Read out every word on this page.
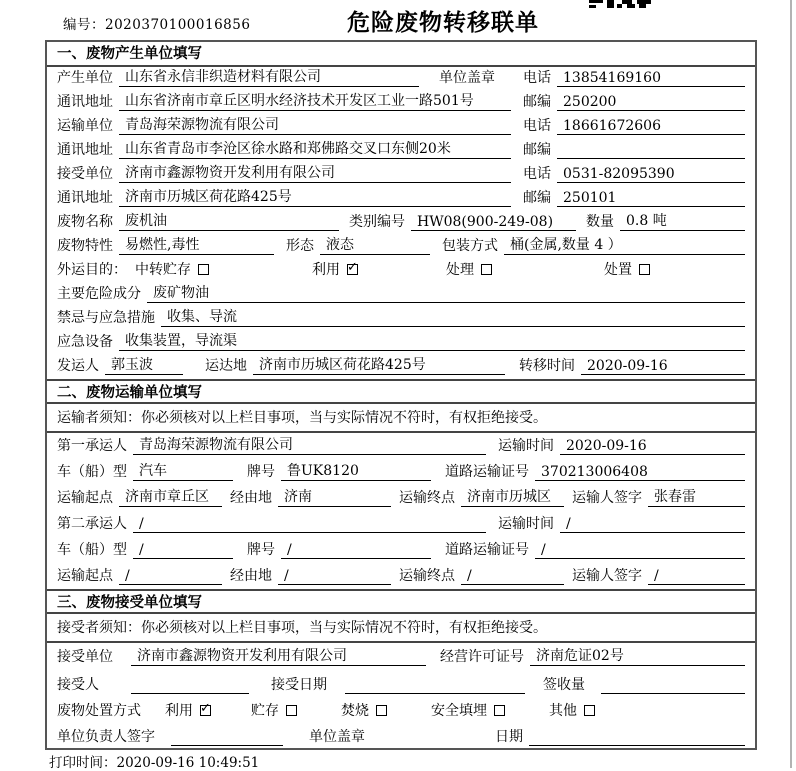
编号：2020370100016856	危险废物转移联单
一、废物产生单位填写
产生单位 山东省永信非织造材料有限公司	单位盖章 电话 13854169160
通讯地址 山东省济南市章丘区明水经济技术开发区工业一路501号	邮编 250200
运输单位 青岛海荣源物流有限公司	电话 18661672606
通讯地址 山东省青岛市李沧区徐水路和郑佛路交叉口东侧20米	邮编
接受单位 济南市鑫源物资开发利用有限公司	电话 0531-82095390
通讯地址 济南市历城区荷花路425号	邮编 250101
废物名称 废机油	类别编号 HW08(900-249-08)	数量 0.8 吨
废物特性 易燃性,毒性	形态 液态	包装方式 桶(金属,数量 4 ）
外运目的： 中转贮存	利用 ✓	处理	处置
主要危险成分 废矿物油
禁忌与应急措施 收集、导流
应急设备 收集装置，导流渠
发运人 郭玉波	运达地 济南市历城区荷花路425号	转移时间 2020-09-16
二、废物运输单位填写
运输者须知：你必须核对以上栏目事项，当与实际情况不符时，有权拒绝接受。
第一承运人 青岛海荣源物流有限公司	运输时间 2020-09-16
车（船）型 汽车	牌号 鲁UK8120	道路运输证号 370213006408
运输起点 济南市章丘区	经由地 济南	运输终点 济南市历城区	运输人签字 张春雷
第二承运人 /	运输时间 /
车（船）型 /	牌号 /	道路运输证号 /
运输起点 /	经由地 /	运输终点 /	运输人签字 /
三、废物接受单位填写
接受者须知：你必须核对以上栏目事项，当与实际情况不符时，有权拒绝接受。
接受单位	济南市鑫源物资开发利用有限公司	经营许可证号 济南危证02号
接受人	接受日期	签收量
废物处置方式 利用 ✓	贮存	焚烧	安全填埋	其他
单位负责人签字	单位盖章	日期
打印时间：2020-09-16 10:49:51
